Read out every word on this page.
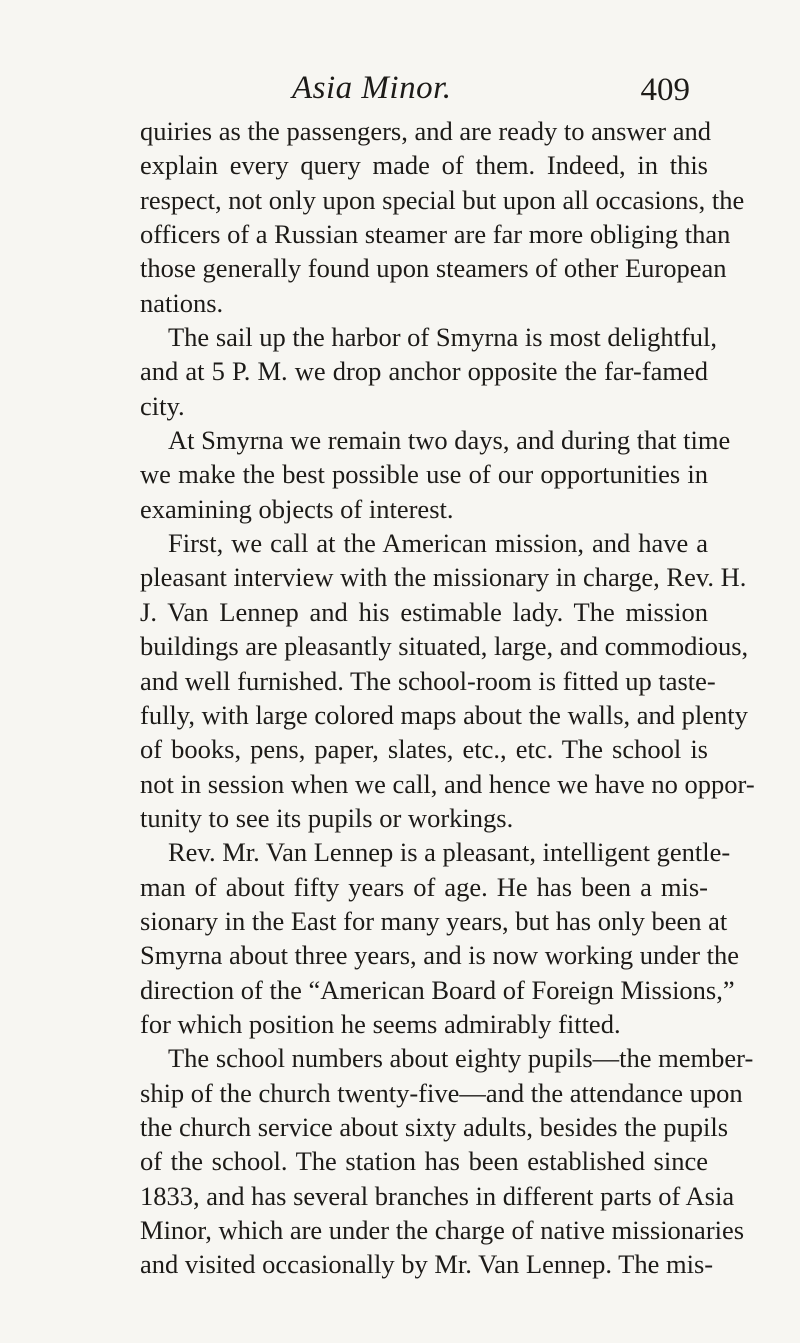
Asia Minor.	409
quiries as the passengers, and are ready to answer and
explain every query made of them. Indeed, in this
respect, not only upon special but upon all occasions, the
officers of a Russian steamer are far more obliging than
those generally found upon steamers of other European
nations.
The sail up the harbor of Smyrna is most delightful,
and at 5 P. M. we drop anchor opposite the far-famed
city.
At Smyrna we remain two days, and during that time
we make the best possible use of our opportunities in
examining objects of interest.
First, we call at the American mission, and have a
pleasant interview with the missionary in charge, Rev. H.
J. Van Lennep and his estimable lady. The mission
buildings are pleasantly situated, large, and commodious,
and well furnished. The school-room is fitted up taste-
fully, with large colored maps about the walls, and plenty
of books, pens, paper, slates, etc., etc. The school is
not in session when we call, and hence we have no oppor-
tunity to see its pupils or workings.
Rev. Mr. Van Lennep is a pleasant, intelligent gentle-
man of about fifty years of age. He has been a mis-
sionary in the East for many years, but has only been at
Smyrna about three years, and is now working under the
direction of the “American Board of Foreign Missions,”
for which position he seems admirably fitted.
The school numbers about eighty pupils—the member-
ship of the church twenty-five—and the attendance upon
the church service about sixty adults, besides the pupils
of the school. The station has been established since
1833, and has several branches in different parts of Asia
Minor, which are under the charge of native missionaries
and visited occasionally by Mr. Van Lennep. The mis-
